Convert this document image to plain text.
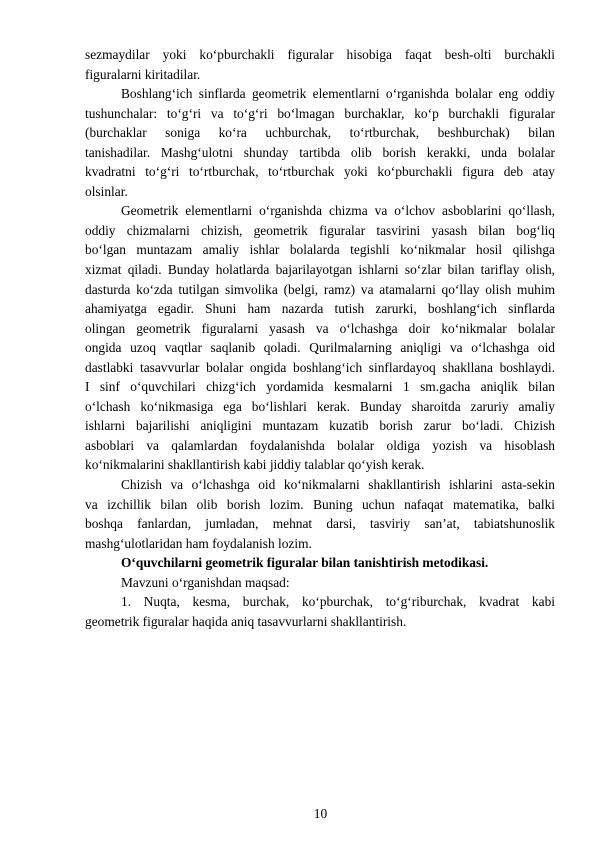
sezmaydilar yoki ko‘pburchakli figuralar hisobiga faqat besh-olti burchakli
figuralarni kiritadilar.
Boshlang‘ich sinflarda geometrik elementlarni o‘rganishda bolalar eng oddiy
tushunchalar: to‘g‘ri va to‘g‘ri bo‘lmagan burchaklar, ko‘p burchakli figuralar
(burchaklar soniga ko‘ra uchburchak, to‘rtburchak, beshburchak) bilan
tanishadilar. Mashg‘ulotni shunday tartibda olib borish kerakki, unda bolalar
kvadratni to‘g‘ri to‘rtburchak, to‘rtburchak yoki ko‘pburchakli figura deb atay
olsinlar.
Geometrik elementlarni o‘rganishda chizma va o‘lchov asboblarini qo‘llash,
oddiy chizmalarni chizish, geometrik figuralar tasvirini yasash bilan bog‘liq
bo‘lgan muntazam amaliy ishlar bolalarda tegishli ko‘nikmalar hosil qilishga
xizmat qiladi. Bunday holatlarda bajarilayotgan ishlarni so‘zlar bilan tariflay olish,
dasturda ko‘zda tutilgan simvolika (belgi, ramz) va atamalarni qo‘llay olish muhim
ahamiyatga egadir. Shuni ham nazarda tutish zarurki, boshlang‘ich sinflarda
olingan geometrik figuralarni yasash va o‘lchashga doir ko‘nikmalar bolalar
ongida uzoq vaqtlar saqlanib qoladi. Qurilmalarning aniqligi va o‘lchashga oid
dastlabki tasavvurlar bolalar ongida boshlang‘ich sinflardayoq shakllana boshlaydi.
I sinf o‘quvchilari chizg‘ich yordamida kesmalarni 1 sm.gacha aniqlik bilan
o‘lchash ko‘nikmasiga ega bo‘lishlari kerak. Bunday sharoitda zaruriy amaliy
ishlarni bajarilishi aniqligini muntazam kuzatib borish zarur bo‘ladi. Chizish
asboblari va qalamlardan foydalanishda bolalar oldiga yozish va hisoblash
ko‘nikmalarini shakllantirish kabi jiddiy talablar qo‘yish kerak.
Chizish va o‘lchashga oid ko‘nikmalarni shakllantirish ishlarini asta-sekin
va izchillik bilan olib borish lozim. Buning uchun nafaqat matematika, balki
boshqa fanlardan, jumladan, mehnat darsi, tasviriy san’at, tabiatshunoslik
mashg‘ulotlaridan ham foydalanish lozim.
O‘quvchilarni geometrik figuralar bilan tanishtirish metodikasi.
Mavzuni o‘rganishdan maqsad:
1. Nuqta, kesma, burchak, ko‘pburchak, to‘g‘riburchak, kvadrat kabi
geometrik figuralar haqida aniq tasavvurlarni shakllantirish.
10
